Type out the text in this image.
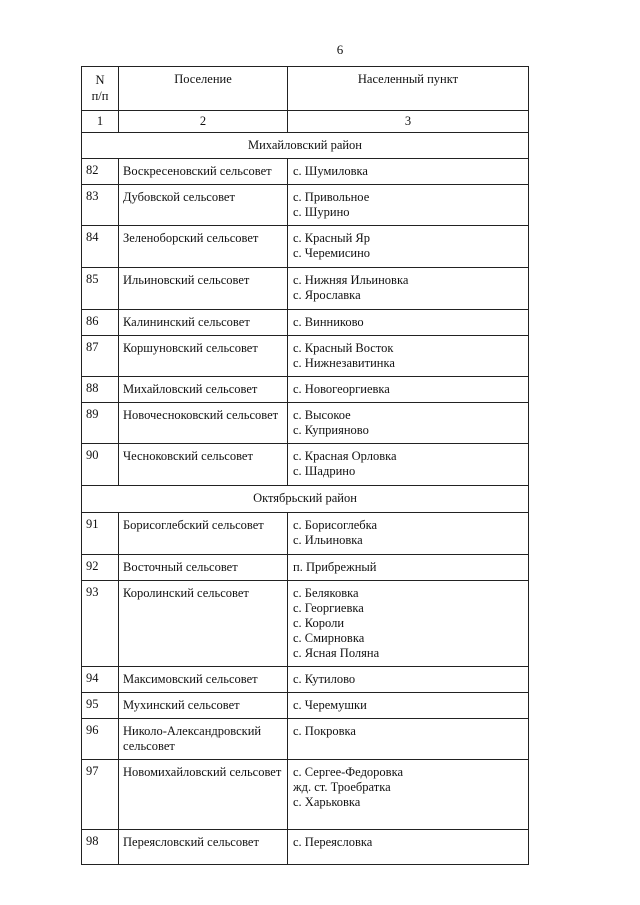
6
N
п/п	Поселение	Населенный пункт
1	2	3
Михайловский район		
82	Воскресеновский сельсовет	с. Шумиловка

83	Дубовской сельсовет	с. Привольное
с. Шурино

84	Зеленоборский сельсовет	с. Красный Яр
с. Черемисино

85	Ильиновский сельсовет	с. Нижняя Ильиновка
с. Ярославка

86	Калининский сельсовет	с. Винниково

87	Коршуновский сельсовет	с. Красный Восток
с. Нижнезавитинка

88	Михайловский сельсовет	с. Новогеоргиевка

89	Новочесноковский сельсовет	с. Высокое
с. Куприяново

90	Чесноковский сельсовет	с. Красная Орловка
с. Шадрино

Октябрьский район		
91	Борисоглебский сельсовет	с. Борисоглебка
с. Ильиновка

92	Восточный сельсовет	п. Прибрежный

93	Королинский сельсовет	с. Беляковка
с. Георгиевка
с. Короли
с. Смирновка
с. Ясная Поляна

94	Максимовский сельсовет	с. Кутилово

95	Мухинский сельсовет	с. Черемушки

96	Николо-Александровский сельсовет	с. Покровка

97	Новомихайловский сельсовет	с. Сергее-Федоровка
жд. ст. Троебратка
с. Харьковка

98	Переясловский сельсовет	с. Переясловка
